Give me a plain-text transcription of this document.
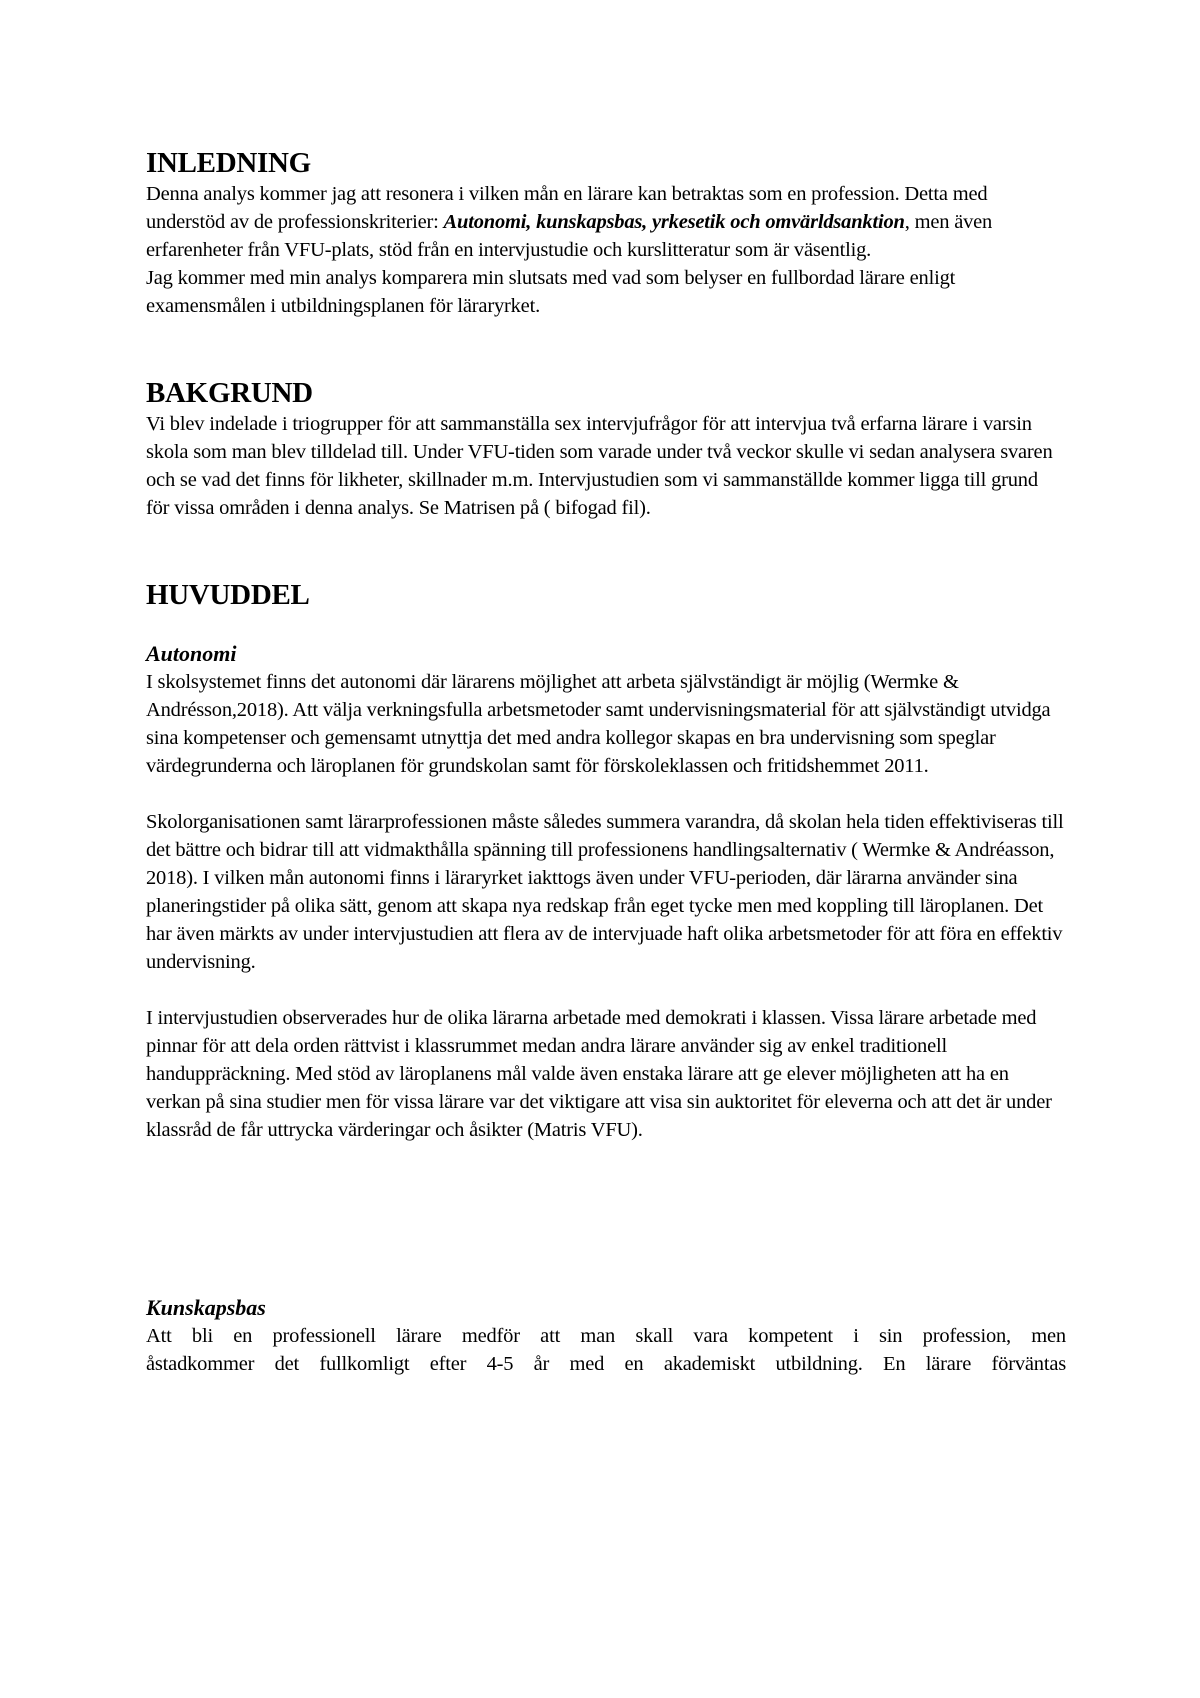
INLEDNING

Denna analys kommer jag att resonera i vilken mån en lärare kan betraktas som en profession. Detta med understöd av de professionskriterier: Autonomi, kunskapsbas, yrkesetik och omvärldsanktion, men även erfarenheter från VFU-plats, stöd från en intervjustudie och kurslitteratur som är väsentlig.

Jag kommer med min analys komparera min slutsats med vad som belyser en fullbordad lärare enligt examensmålen i utbildningsplanen för läraryrket.

BAKGRUND

Vi blev indelade i triogrupper för att sammanställa sex intervjufrågor för att intervjua två erfarna lärare i varsin skola som man blev tilldelad till. Under VFU-tiden som varade under två veckor skulle vi sedan analysera svaren och se vad det finns för likheter, skillnader m.m. Intervjustudien som vi sammanställde kommer ligga till grund för vissa områden i denna analys. Se Matrisen på ( bifogad fil).

HUVUDDEL
Autonomi

I skolsystemet finns det autonomi där lärarens möjlighet att arbeta självständigt är möjlig (Wermke & Andrésson,2018). Att välja verkningsfulla arbetsmetoder samt undervisningsmaterial för att självständigt utvidga sina kompetenser och gemensamt utnyttja det med andra kollegor skapas en bra undervisning som speglar värdegrunderna och läroplanen för grundskolan samt för förskoleklassen och fritidshemmet 2011.

Skolorganisationen samt lärarprofessionen måste således summera varandra, då skolan hela tiden effektiviseras till det bättre och bidrar till att vidmakthålla spänning till professionens handlingsalternativ ( Wermke & Andréasson, 2018). I vilken mån autonomi finns i läraryrket iakttogs även under VFU-perioden, där lärarna använder sina planeringstider på olika sätt, genom att skapa nya redskap från eget tycke men med koppling till läroplanen. Det har även märkts av under intervjustudien att flera av de intervjuade haft olika arbetsmetoder för att föra en effektiv undervisning.

I intervjustudien observerades hur de olika lärarna arbetade med demokrati i klassen. Vissa lärare arbetade med pinnar för att dela orden rättvist i klassrummet medan andra lärare använder sig av enkel traditionell handuppräckning. Med stöd av läroplanens mål valde även enstaka lärare att ge elever möjligheten att ha en verkan på sina studier men för vissa lärare var det viktigare att visa sin auktoritet för eleverna och att det är under klassråd de får uttrycka värderingar och åsikter (Matris VFU).

Kunskapsbas

Att bli en professionell lärare medför att man skall vara kompetent i sin profession, men

åstadkommer det fullkomligt efter 4-5 år med en akademiskt utbildning. En lärare förväntas
